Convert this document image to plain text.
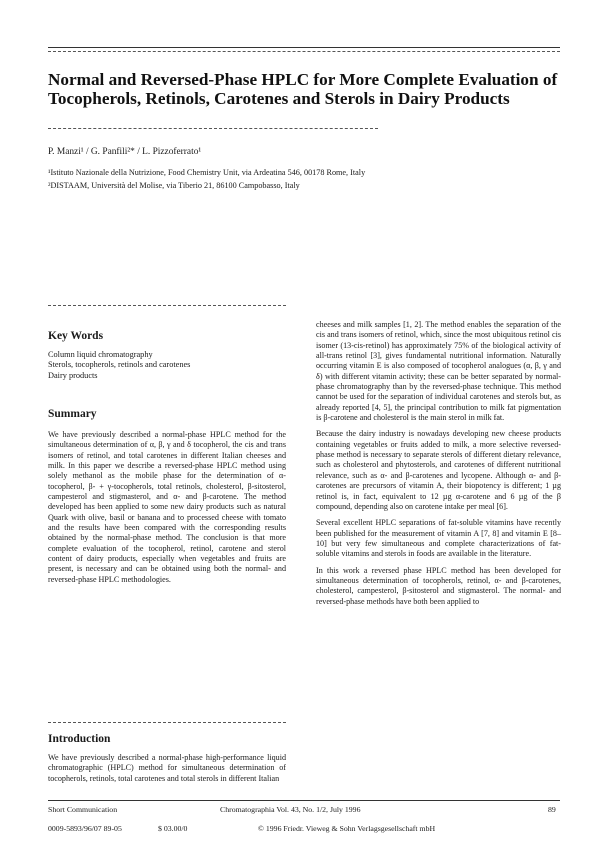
Normal and Reversed-Phase HPLC for More Complete Evaluation of Tocopherols, Retinols, Carotenes and Sterols in Dairy Products
P. Manzi¹ / G. Panfili²* / L. Pizzoferrato¹
¹Istituto Nazionale della Nutrizione, Food Chemistry Unit, via Ardeatina 546, 00178 Rome, Italy
²DISTAAM, Università del Molise, via Tiberio 21, 86100 Campobasso, Italy
Key Words
Column liquid chromatography
Sterols, tocopherols, retinols and carotenes
Dairy products
Summary

We have previously described a normal-phase HPLC method for the simultaneous determination of α, β, γ and δ tocopherol, the cis and trans isomers of retinol, and total carotenes in different Italian cheeses and milk. In this paper we describe a reversed-phase HPLC method using solely methanol as the mobile phase for the determination of α-tocopherol, β- + γ-tocopherols, total retinols, cholesterol, β-sitosterol, campesterol and stigmasterol, and α- and β-carotene. The method developed has been applied to some new dairy products such as natural Quark with olive, basil or banana and to processed cheese with tomato and the results have been compared with the corresponding results obtained by the normal-phase method. The conclusion is that more complete evaluation of the tocopherol, retinol, carotene and sterol content of dairy products, especially when vegetables and fruits are present, is necessary and can be obtained using both the normal- and reversed-phase HPLC methodologies.

Introduction

We have previously described a normal-phase high-performance liquid chromatographic (HPLC) method for simultaneous determination of tocopherols, retinols, total carotenes and total sterols in different Italian

cheeses and milk samples [1, 2]. The method enables the separation of the cis and trans isomers of retinol, which, since the most ubiquitous retinol cis isomer (13-cis-retinol) has approximately 75% of the biological activity of all-trans retinol [3], gives fundamental nutritional information. Naturally occurring vitamin E is also composed of tocopherol analogues (α, β, γ and δ) with different vitamin activity; these can be better separated by normal-phase chromatography than by the reversed-phase technique. This method cannot be used for the separation of individual carotenes and sterols but, as already reported [4, 5], the principal contribution to milk fat pigmentation is β-carotene and cholesterol is the main sterol in milk fat.

Because the dairy industry is nowadays developing new cheese products containing vegetables or fruits added to milk, a more selective reversed-phase method is necessary to separate sterols of different dietary relevance, such as cholesterol and phytosterols, and carotenes of different nutritional relevance, such as α- and β-carotenes and lycopene. Although α- and β-carotenes are precursors of vitamin A, their biopotency is different; 1 µg retinol is, in fact, equivalent to 12 µg α-carotene and 6 µg of the β compound, depending also on carotene intake per meal [6].

Several excellent HPLC separations of fat-soluble vitamins have recently been published for the measurement of vitamin A [7, 8] and vitamin E [8–10] but very few simultaneous and complete characterizations of fat-soluble vitamins and sterols in foods are available in the literature.

In this work a reversed phase HPLC method has been developed for simultaneous determination of tocopherols, retinol, α- and β-carotenes, cholesterol, campesterol, β-sitosterol and stigmasterol. The normal- and reversed-phase methods have both been applied to

Short Communication	Chromatographia Vol. 43, No. 1/2, July 1996	89
0009-5893/96/07 89-05	$ 03.00/0	© 1996 Friedr. Vieweg & Sohn Verlagsgesellschaft mbH
